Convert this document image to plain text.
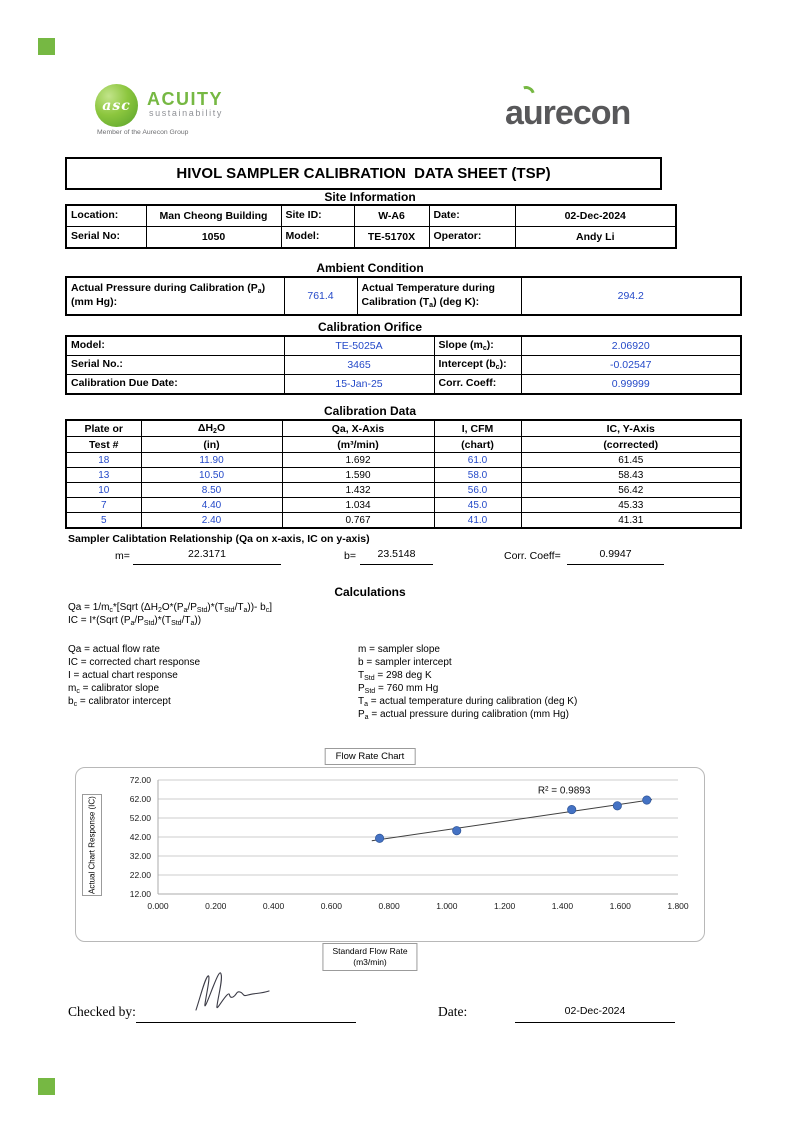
asc ACUITY
sustainability
Member of the Aurecon Group
aurecon
HIVOL SAMPLER CALIBRATION  DATA SHEET (TSP)
Site Information
Location:	Man Cheong Building	Site ID:	W-A6	Date:	02-Dec-2024
Serial No:	1050	Model:	TE-5170X	Operator:	Andy Li
Ambient Condition
Actual Pressure during Calibration $(P_a)$
(mm Hg):	761.4	Actual Temperature during
Calibration $(T_a)$ (deg K):	294.2
Calibration Orifice
Model:	TE-5025A	Slope $(m_c)$:	2.06920
Serial No.:	3465	Intercept $(b_c)$:	-0.02547
Calibration Due Date:	15-Jan-25	Corr. Coeff:	0.99999
Calibration Data
Plate or	$\Delta H_2O$	Qa, X-Axis	I, CFM	IC, Y-Axis
Test #	(in)	(m³/min)	(chart)	(corrected)
18	11.90	1.692	61.0	61.45
13	10.50	1.590	58.0	58.43
10	8.50	1.432	56.0	56.42
7	4.40	1.034	45.0	45.33
5	2.40	0.767	41.0	41.31
Sampler Calibtation Relationship (Qa on x-axis, IC on y-axis)
m=	22.3171	b=	23.5148	Corr. Coeff=	0.9947
Calculations
$Qa = 1/m_c*[Sqrt$ $(\Delta H_2O*(P_a/P_{Std})*(T_{Std}/T_a))-$ $b_c$]
IC = I*(Sqrt $(P_a/P_{Std})*(T_{Std}/T_a)$)
Qa = actual flow rate
IC = corrected chart response
I = actual chart response
$m_c$ = calibrator slope
$b_c$ = calibrator intercept
m = sampler slope
b = sampler intercept
$T_{Std} = 298$ deg K
$P_{Std} = 760$ mm Hg
$T_a$ = actual temperature during calibration (deg K)
$P_a$ = actual pressure during calibration (mm Hg)
Flow Rate Chart
Actual Chart Response (IC)
72.00
62.00
52.00
42.00
32.00
22.00
12.00
0.000	0.200	0.400	0.600	0.800	1.000	1.200	1.400	1.600	1.800
R² = 0.9893
Standard Flow Rate
(m3/min)
Checked by:	Date:	02-Dec-2024
